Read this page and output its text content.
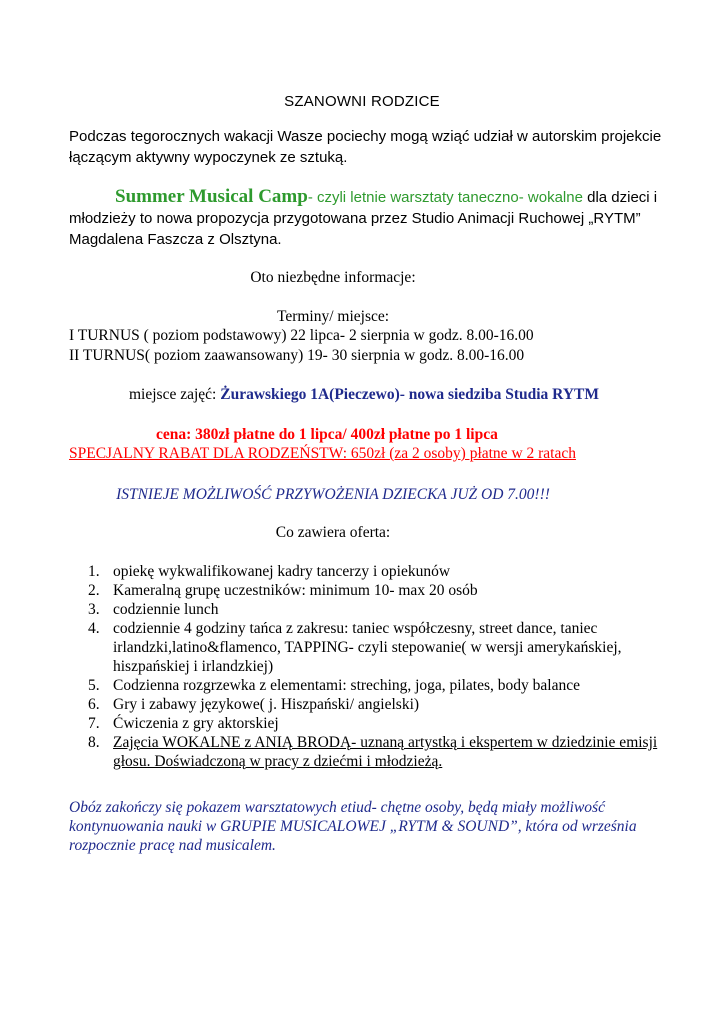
SZANOWNI RODZICE
Podczas tegorocznych wakacji Wasze pociechy mogą wziąć udział w autorskim projekcie łączącym aktywny wypoczynek ze sztuką.
Summer Musical Camp- czyli letnie warsztaty taneczno- wokalne dla dzieci i młodzieży to nowa propozycja przygotowana przez Studio Animacji Ruchowej „RYTM” Magdalena Faszcza z Olsztyna.
Oto niezbędne informacje:
Terminy/ miejsce:
I TURNUS ( poziom podstawowy) 22 lipca- 2 sierpnia w godz. 8.00-16.00
II TURNUS( poziom zaawansowany) 19- 30 sierpnia w godz. 8.00-16.00
miejsce zajęć: Żurawskiego 1A(Pieczewo)- nowa siedziba Studia RYTM
cena: 380zł płatne do 1 lipca/ 400zł płatne po 1 lipca
SPECJALNY RABAT DLA RODZEŃSTW: 650zł (za 2 osoby) płatne w 2 ratach
ISTNIEJE MOŻLIWOŚĆ PRZYWOŻENIA DZIECKA JUŻ OD 7.00!!!
Co zawiera oferta:
1. opiekę wykwalifikowanej kadry tancerzy i opiekunów
2. Kameralną grupę uczestników: minimum 10- max 20 osób
3. codziennie lunch
4. codziennie 4 godziny tańca z zakresu: taniec współczesny, street dance, taniec irlandzki,latino&flamenco, TAPPING- czyli stepowanie( w wersji amerykańskiej, hiszpańskiej i irlandzkiej)
5. Codzienna rozgrzewka z elementami: streching, joga, pilates, body balance
6. Gry i zabawy językowe( j. Hiszpański/ angielski)
7. Ćwiczenia z gry aktorskiej
8. Zajęcia WOKALNE z ANIĄ BRODĄ- uznaną artystką i ekspertem w dziedzinie emisji głosu. Doświadczoną w pracy z dziećmi i młodzieżą.
Obóz zakończy się pokazem warsztatowych etiud- chętne osoby, będą miały możliwość kontynuowania nauki w GRUPIE MUSICALOWEJ „RYTM & SOUND”, która od września rozpocznie pracę nad musicalem.
